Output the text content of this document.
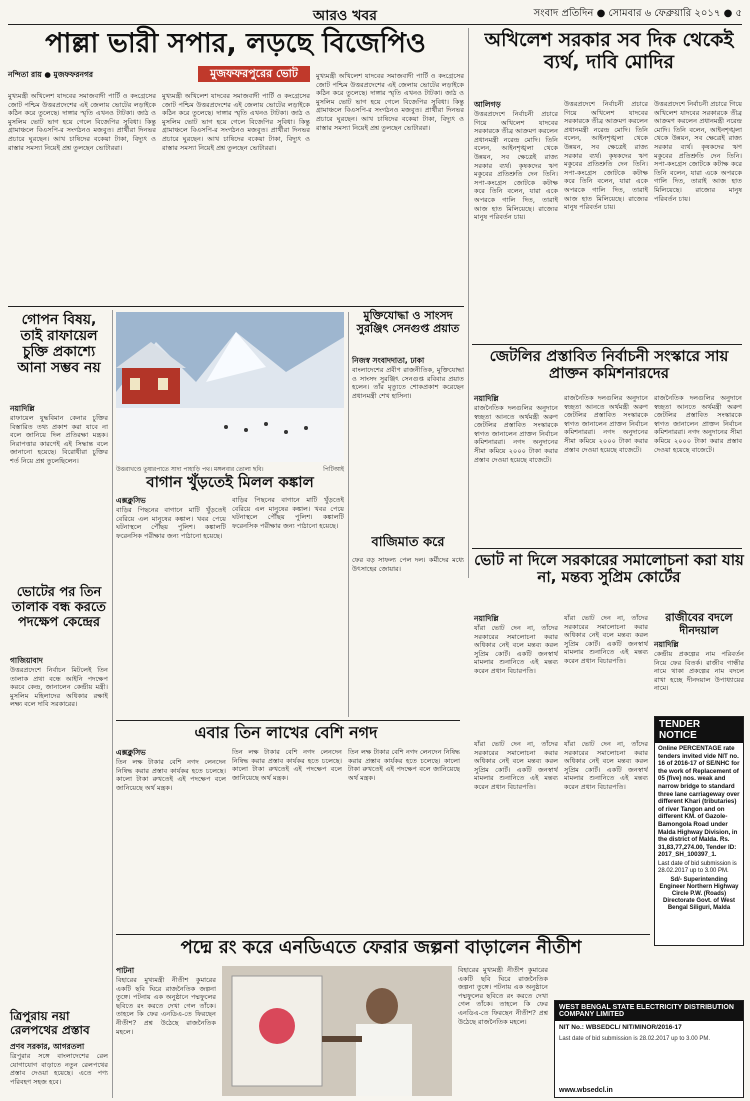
আরও খবর	সংবাদ প্রতিদিন ● সোমবার ৬ ফেব্রুয়ারি ২০১৭ ● ৫
পাল্লা ভারী সপার, লড়ছে বিজেপিও
নন্দিতা রায় ● মুজফফরনগর	মুজফফরপুরের ভোট
মুখ্যমন্ত্রী অখিলেশ যাদবের সমাজবাদী পার্টি ও কংগ্রেসের জোট পশ্চিম উত্তরপ্রদেশের এই জেলায় ভোটের লড়াইকে কঠিন করে তুলেছে। দাঙ্গার স্মৃতি এখনও টাটকা। জাঠ ও মুসলিম ভোট ভাগ হয়ে গেলে বিজেপির সুবিধা। কিন্তু গ্রামাঞ্চলে বিএসপি-র সংগঠনও মজবুত। প্রার্থীরা দিনভর প্রচারে ঘুরছেন। আখ চাষিদের বকেয়া টাকা, বিদ্যুৎ ও রাস্তার সমস্যা নিয়েই প্রশ্ন তুলছেন ভোটাররা।
মুখ্যমন্ত্রী অখিলেশ যাদবের সমাজবাদী পার্টি ও কংগ্রেসের জোট পশ্চিম উত্তরপ্রদেশের এই জেলায় ভোটের লড়াইকে কঠিন করে তুলেছে। দাঙ্গার স্মৃতি এখনও টাটকা। জাঠ ও মুসলিম ভোট ভাগ হয়ে গেলে বিজেপির সুবিধা। কিন্তু গ্রামাঞ্চলে বিএসপি-র সংগঠনও মজবুত। প্রার্থীরা দিনভর প্রচারে ঘুরছেন। আখ চাষিদের বকেয়া টাকা, বিদ্যুৎ ও রাস্তার সমস্যা নিয়েই প্রশ্ন তুলছেন ভোটাররা।
মুখ্যমন্ত্রী অখিলেশ যাদবের সমাজবাদী পার্টি ও কংগ্রেসের জোট পশ্চিম উত্তরপ্রদেশের এই জেলায় ভোটের লড়াইকে কঠিন করে তুলেছে। দাঙ্গার স্মৃতি এখনও টাটকা। জাঠ ও মুসলিম ভোট ভাগ হয়ে গেলে বিজেপির সুবিধা। কিন্তু গ্রামাঞ্চলে বিএসপি-র সংগঠনও মজবুত। প্রার্থীরা দিনভর প্রচারে ঘুরছেন। আখ চাষিদের বকেয়া টাকা, বিদ্যুৎ ও রাস্তার সমস্যা নিয়েই প্রশ্ন তুলছেন ভোটাররা।
অখিলেশ সরকার সব দিক থেকেই ব্যর্থ, দাবি মোদির
আলিগড়
উত্তরপ্রদেশে নির্বাচনী প্রচারে গিয়ে অখিলেশ যাদবের সরকারকে তীব্র আক্রমণ করলেন প্রধানমন্ত্রী নরেন্দ্র মোদি। তিনি বলেন, আইনশৃঙ্খলা থেকে উন্নয়ন, সব ক্ষেত্রেই রাজ্য সরকার ব্যর্থ। কৃষকদের ঋণ মকুবের প্রতিশ্রুতি দেন তিনি। সপা-কংগ্রেস জোটকে কটাক্ষ করে তিনি বলেন, যারা একে অপরকে গালি দিত, তারাই আজ হাত মিলিয়েছে। রাজ্যের মানুষ পরিবর্তন চায়।
উত্তরপ্রদেশে নির্বাচনী প্রচারে গিয়ে অখিলেশ যাদবের সরকারকে তীব্র আক্রমণ করলেন প্রধানমন্ত্রী নরেন্দ্র মোদি। তিনি বলেন, আইনশৃঙ্খলা থেকে উন্নয়ন, সব ক্ষেত্রেই রাজ্য সরকার ব্যর্থ। কৃষকদের ঋণ মকুবের প্রতিশ্রুতি দেন তিনি। সপা-কংগ্রেস জোটকে কটাক্ষ করে তিনি বলেন, যারা একে অপরকে গালি দিত, তারাই আজ হাত মিলিয়েছে। রাজ্যের মানুষ পরিবর্তন চায়।
উত্তরপ্রদেশে নির্বাচনী প্রচারে গিয়ে অখিলেশ যাদবের সরকারকে তীব্র আক্রমণ করলেন প্রধানমন্ত্রী নরেন্দ্র মোদি। তিনি বলেন, আইনশৃঙ্খলা থেকে উন্নয়ন, সব ক্ষেত্রেই রাজ্য সরকার ব্যর্থ। কৃষকদের ঋণ মকুবের প্রতিশ্রুতি দেন তিনি। সপা-কংগ্রেস জোটকে কটাক্ষ করে তিনি বলেন, যারা একে অপরকে গালি দিত, তারাই আজ হাত মিলিয়েছে। রাজ্যের মানুষ পরিবর্তন চায়।
গোপন বিষয়, তাই রাফায়েল চুক্তি প্রকাশ্যে আনা সম্ভব নয়
নয়াদিল্লি
রাফায়েল যুদ্ধবিমান কেনার চুক্তির বিস্তারিত তথ্য প্রকাশ করা যাবে না বলে জানিয়ে দিল প্রতিরক্ষা মন্ত্রক। নিরাপত্তার কারণেই এই সিদ্ধান্ত বলে জানানো হয়েছে। বিরোধীরা চুক্তির শর্ত নিয়ে প্রশ্ন তুলেছিলেন।
ভোটের পর তিন তালাক বন্ধ করতে পদক্ষেপ কেন্দ্রের
গাজিয়াবাদ
উত্তরপ্রদেশে নির্বাচন মিটলেই তিন তালাক প্রথা বন্ধে আইনি পদক্ষেপ করবে কেন্দ্র, জানালেন কেন্দ্রীয় মন্ত্রী। মুসলিম মহিলাদের অধিকার রক্ষাই লক্ষ্য বলে দাবি সরকারের।
ত্রিপুরায় নয়া রেলপথের প্রস্তাব
প্রণব সরকার, আগরতলা
ত্রিপুরার সঙ্গে বাংলাদেশের রেল যোগাযোগ বাড়াতে নতুন রেলপথের প্রস্তাব দেওয়া হয়েছে। এতে পণ্য পরিবহণ সহজ হবে।
উত্তরাখণ্ডে তুষারপাতে সাদা পাহাড়ি পথ। মঙ্গলবার তোলা ছবি।	পিটিআই
বাগান খুঁড়তেই মিলল কঙ্কাল
এক্সক্লুসিভ
বাড়ির পিছনের বাগানে মাটি খুঁড়তেই বেরিয়ে এল মানুষের কঙ্কাল। খবর পেয়ে ঘটনাস্থলে পৌঁছয় পুলিশ। কঙ্কালটি ফরেনসিক পরীক্ষার জন্য পাঠানো হয়েছে।
বাড়ির পিছনের বাগানে মাটি খুঁড়তেই বেরিয়ে এল মানুষের কঙ্কাল। খবর পেয়ে ঘটনাস্থলে পৌঁছয় পুলিশ। কঙ্কালটি ফরেনসিক পরীক্ষার জন্য পাঠানো হয়েছে।
মুক্তিযোদ্ধা ও সাংসদ সুরঞ্জিৎ সেনগুপ্ত প্রয়াত
নিজস্ব সংবাদদাতা, ঢাকা
বাংলাদেশের প্রবীণ রাজনীতিক, মুক্তিযোদ্ধা ও সাংসদ সুরঞ্জিৎ সেনগুপ্ত রবিবার প্রয়াত হলেন। তাঁর মৃত্যুতে শোকপ্রকাশ করেছেন প্রধানমন্ত্রী শেখ হাসিনা।
বাজিমাত করে
ফের বড় সাফল্য পেল দল। কর্মীদের মধ্যে উৎসাহের জোয়ার।
জেটলির প্রস্তাবিত নির্বাচনী সংস্কারে সায় প্রাক্তন কমিশনারদের
নয়াদিল্লি
রাজনৈতিক দলগুলির অনুদানে স্বচ্ছতা আনতে অর্থমন্ত্রী অরুণ জেটলির প্রস্তাবিত সংস্কারকে স্বাগত জানালেন প্রাক্তন নির্বাচন কমিশনাররা। নগদ অনুদানের সীমা কমিয়ে ২০০০ টাকা করার প্রস্তাব দেওয়া হয়েছে বাজেটে।
রাজনৈতিক দলগুলির অনুদানে স্বচ্ছতা আনতে অর্থমন্ত্রী অরুণ জেটলির প্রস্তাবিত সংস্কারকে স্বাগত জানালেন প্রাক্তন নির্বাচন কমিশনাররা। নগদ অনুদানের সীমা কমিয়ে ২০০০ টাকা করার প্রস্তাব দেওয়া হয়েছে বাজেটে।
রাজনৈতিক দলগুলির অনুদানে স্বচ্ছতা আনতে অর্থমন্ত্রী অরুণ জেটলির প্রস্তাবিত সংস্কারকে স্বাগত জানালেন প্রাক্তন নির্বাচন কমিশনাররা। নগদ অনুদানের সীমা কমিয়ে ২০০০ টাকা করার প্রস্তাব দেওয়া হয়েছে বাজেটে।
ভোট না দিলে সরকারের সমালোচনা করা যায় না, মন্তব্য সুপ্রিম কোর্টের
নয়াদিল্লি
যাঁরা ভোট দেন না, তাঁদের সরকারের সমালোচনা করার অধিকার নেই বলে মন্তব্য করল সুপ্রিম কোর্ট। একটি জনস্বার্থ মামলার শুনানিতে এই মন্তব্য করেন প্রধান বিচারপতি।
যাঁরা ভোট দেন না, তাঁদের সরকারের সমালোচনা করার অধিকার নেই বলে মন্তব্য করল সুপ্রিম কোর্ট। একটি জনস্বার্থ মামলার শুনানিতে এই মন্তব্য করেন প্রধান বিচারপতি।
রাজীবের বদলে দীনদয়াল
নয়াদিল্লি
কেন্দ্রীয় প্রকল্পের নাম পরিবর্তন নিয়ে ফের বিতর্ক। রাজীব গান্ধীর নামে থাকা প্রকল্পের নাম বদলে রাখা হচ্ছে দীনদয়াল উপাধ্যায়ের নামে।
TENDER NOTICE
Online PERCENTAGE rate tenders invited vide NIT no. 16 of 2016-17 of SE/NHC for the work of Replacement of 05 (five) nos. weak and narrow bridge to standard three lane carriageway over different Khari (tributaries) of river Tangon and on different KM. of Gazole-Bamongola Road under Malda Highway Division, in the district of Malda. Rs. 31,83,77,274.00, Tender ID: 2017_SH_100397_1.
Last date of bid submission is 28.02.2017 up to 3.00 PM.
Sd/- Superintending Engineer Northern Highway Circle P.W. (Roads) Directorate Govt. of West Bengal Siliguri, Malda
এবার তিন লাখের বেশি নগদ
এক্সক্লুসিভ
তিন লক্ষ টাকার বেশি নগদ লেনদেন নিষিদ্ধ করার প্রস্তাব কার্যকর হতে চলেছে। কালো টাকা রুখতেই এই পদক্ষেপ বলে জানিয়েছে অর্থ মন্ত্রক।
তিন লক্ষ টাকার বেশি নগদ লেনদেন নিষিদ্ধ করার প্রস্তাব কার্যকর হতে চলেছে। কালো টাকা রুখতেই এই পদক্ষেপ বলে জানিয়েছে অর্থ মন্ত্রক।
তিন লক্ষ টাকার বেশি নগদ লেনদেন নিষিদ্ধ করার প্রস্তাব কার্যকর হতে চলেছে। কালো টাকা রুখতেই এই পদক্ষেপ বলে জানিয়েছে অর্থ মন্ত্রক।
যাঁরা ভোট দেন না, তাঁদের সরকারের সমালোচনা করার অধিকার নেই বলে মন্তব্য করল সুপ্রিম কোর্ট। একটি জনস্বার্থ মামলার শুনানিতে এই মন্তব্য করেন প্রধান বিচারপতি।
যাঁরা ভোট দেন না, তাঁদের সরকারের সমালোচনা করার অধিকার নেই বলে মন্তব্য করল সুপ্রিম কোর্ট। একটি জনস্বার্থ মামলার শুনানিতে এই মন্তব্য করেন প্রধান বিচারপতি।
পদ্মে রং করে এনডিএতে ফেরার জল্পনা বাড়ালেন নীতীশ
পাটনা
বিহারের মুখ্যমন্ত্রী নীতীশ কুমারের একটি ছবি ঘিরে রাজনৈতিক জল্পনা তুঙ্গে। পটনায় এক অনুষ্ঠানে পদ্মফুলের ছবিতে রং করতে দেখা গেল তাঁকে। তাহলে কি ফের এনডিএ-তে ফিরছেন নীতীশ? প্রশ্ন উঠেছে রাজনৈতিক মহলে।
বিহারের মুখ্যমন্ত্রী নীতীশ কুমারের একটি ছবি ঘিরে রাজনৈতিক জল্পনা তুঙ্গে। পটনায় এক অনুষ্ঠানে পদ্মফুলের ছবিতে রং করতে দেখা গেল তাঁকে। তাহলে কি ফের এনডিএ-তে ফিরছেন নীতীশ? প্রশ্ন উঠেছে রাজনৈতিক মহলে।
WEST BENGAL STATE ELECTRICITY DISTRIBUTION COMPANY LIMITED
NIT No.: WBSEDCL/ NIT/MINOR/2016-17
Last date of bid submission is 28.02.2017 up to 3.00 PM.
www.wbsedcl.in
